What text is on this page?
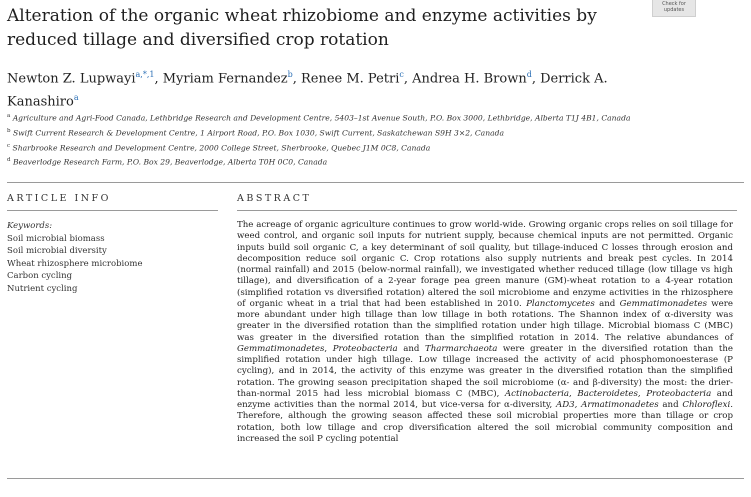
Alteration of the organic wheat rhizobiome and enzyme activities by reduced tillage and diversified crop rotation
Check for
updates
Newton Z. Lupwayi$^{a,*,1}$, Myriam Fernandez$^b$, Renee M. Petri$^c$, Andrea H. Brown$^d$, Derrick A. Kanashiro$^a$
$^a$ Agriculture and Agri-Food Canada, Lethbridge Research and Development Centre, 5403–1st Avenue South, P.O. Box 3000, Lethbridge, Alberta T1J 4B1, Canada
$^b$ Swift Current Research & Development Centre, 1 Airport Road, P.O. Box 1030, Swift Current, Saskatchewan S9H 3×2, Canada
$^c$ Sharbrooke Research and Development Centre, 2000 College Street, Sherbrooke, Quebec J1M 0C8, Canada
$^d$ Beaverlodge Research Farm, P.O. Box 29, Beaverlodge, Alberta T0H 0C0, Canada
ARTICLE INFO	ABSTRACT
Keywords:
Soil microbial biomass
Soil microbial diversity
Wheat rhizosphere microbiome
Carbon cycling
Nutrient cycling
The acreage of organic agriculture continues to grow world-wide. Growing organic crops relies on soil tillage for weed control, and organic soil inputs for nutrient supply, because chemical inputs are not permitted. Organic inputs build soil organic C, a key determinant of soil quality, but tillage-induced C losses through erosion and decomposition reduce soil organic C. Crop rotations also supply nutrients and break pest cycles. In 2014 (normal rainfall) and 2015 (below-normal rainfall), we investigated whether reduced tillage (low tillage vs high tillage), and diversification of a 2-year forage pea green manure (GM)-wheat rotation to a 4-year rotation (simplified rotation vs diversified rotation) altered the soil microbiome and enzyme activities in the rhizosphere of organic wheat in a trial that had been established in 2010. Planctomycetes and Gemmatimonadetes were more abundant under high tillage than low tillage in both rotations. The Shannon index of α-diversity was greater in the diversified rotation than the simplified rotation under high tillage. Microbial biomass C (MBC) was greater in the diversified rotation than the simplified rotation in 2014. The relative abundances of Gemmatimonadetes, Proteobacteria and Tharmarchaeota were greater in the diversified rotation than the simplified rotation under high tillage. Low tillage increased the activity of acid phosphomonoesterase (P cycling), and in 2014, the activity of this enzyme was greater in the diversified rotation than the simplified rotation. The growing season precipitation shaped the soil microbiome (α- and β-diversity) the most: the drier-than-normal 2015 had less microbial biomass C (MBC), Actinobacteria, Bacteroidetes, Proteobacteria and enzyme activities than the normal 2014, but vice-versa for α-diversity, AD3, Armatimonadetes and Chloroflexi. Therefore, although the growing season affected these soil microbial properties more than tillage or crop rotation, both low tillage and crop diversification altered the soil microbial community composition and increased the soil P cycling potential
